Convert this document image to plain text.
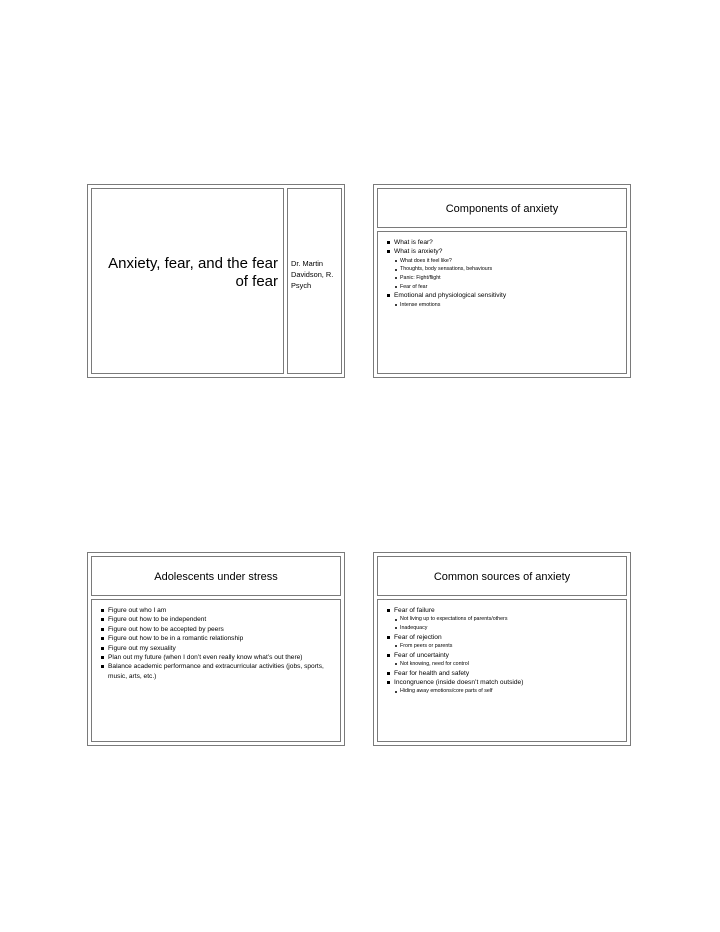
Anxiety, fear, and the fear of fear
Dr. Martin Davidson, R. Psych
Components of anxiety
What is fear?
What is anxiety?
What does it feel like?
Thoughts, body sensations, behaviours
Panic: Fight/flight
Fear of fear
Emotional and physiological sensitivity
Intense emotions
Adolescents under stress
Figure out who I am
Figure out how to be independent
Figure out how to be accepted by peers
Figure out how to be in a romantic relationship
Figure out my sexuality
Plan out my future (when I don’t even really know what’s out there)
Balance academic performance and extracurricular activities (jobs, sports, music, arts, etc.)
Common sources of anxiety
Fear of failure
Not living up to expectations of parents/others
Inadequacy
Fear of rejection
From peers or parents
Fear of uncertainty
Not knowing, need for control
Fear for health and safety
Incongruence (inside doesn’t match outside)
Hiding away emotions/core parts of self
